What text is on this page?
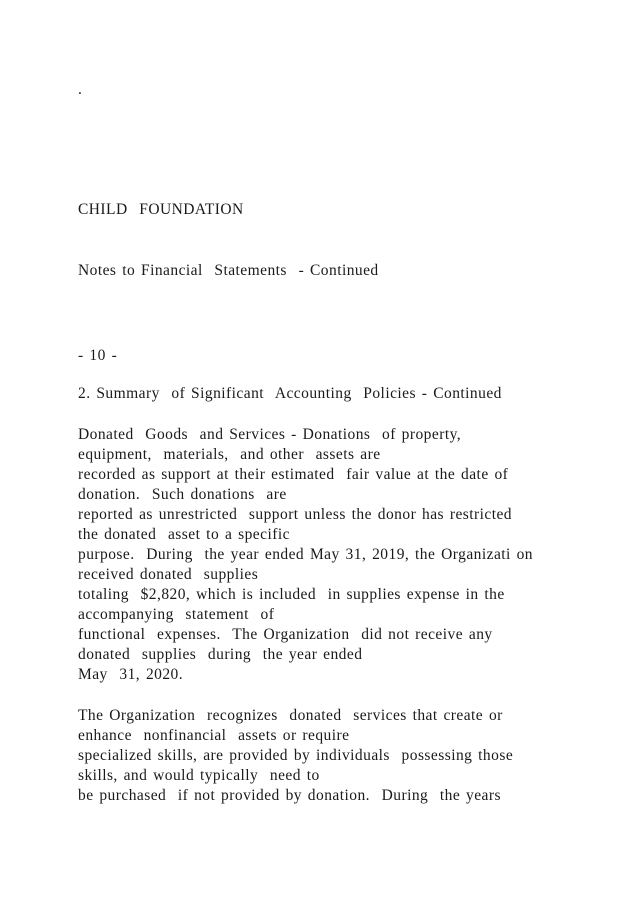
.
CHILD  FOUNDATION
Notes to Financial  Statements  - Continued
- 10 -
2. Summary  of Significant  Accounting  Policies - Continued
Donated  Goods  and Services - Donations  of property,
equipment,  materials,  and other  assets are
recorded as support at their estimated  fair value at the date of
donation.  Such donations  are
reported as unrestricted  support unless the donor has restricted
the donated  asset to a specific
purpose.  During  the year ended May 31, 2019, the Organizati on
received donated  supplies
totaling  $2,820, which is included  in supplies expense in the
accompanying  statement  of
functional  expenses.  The Organization  did not receive any
donated  supplies  during  the year ended
May  31, 2020.
The Organization  recognizes  donated  services that create or
enhance  nonfinancial  assets or require
specialized skills, are provided by individuals  possessing those
skills, and would typically  need to
be purchased  if not provided by donation.  During  the years
